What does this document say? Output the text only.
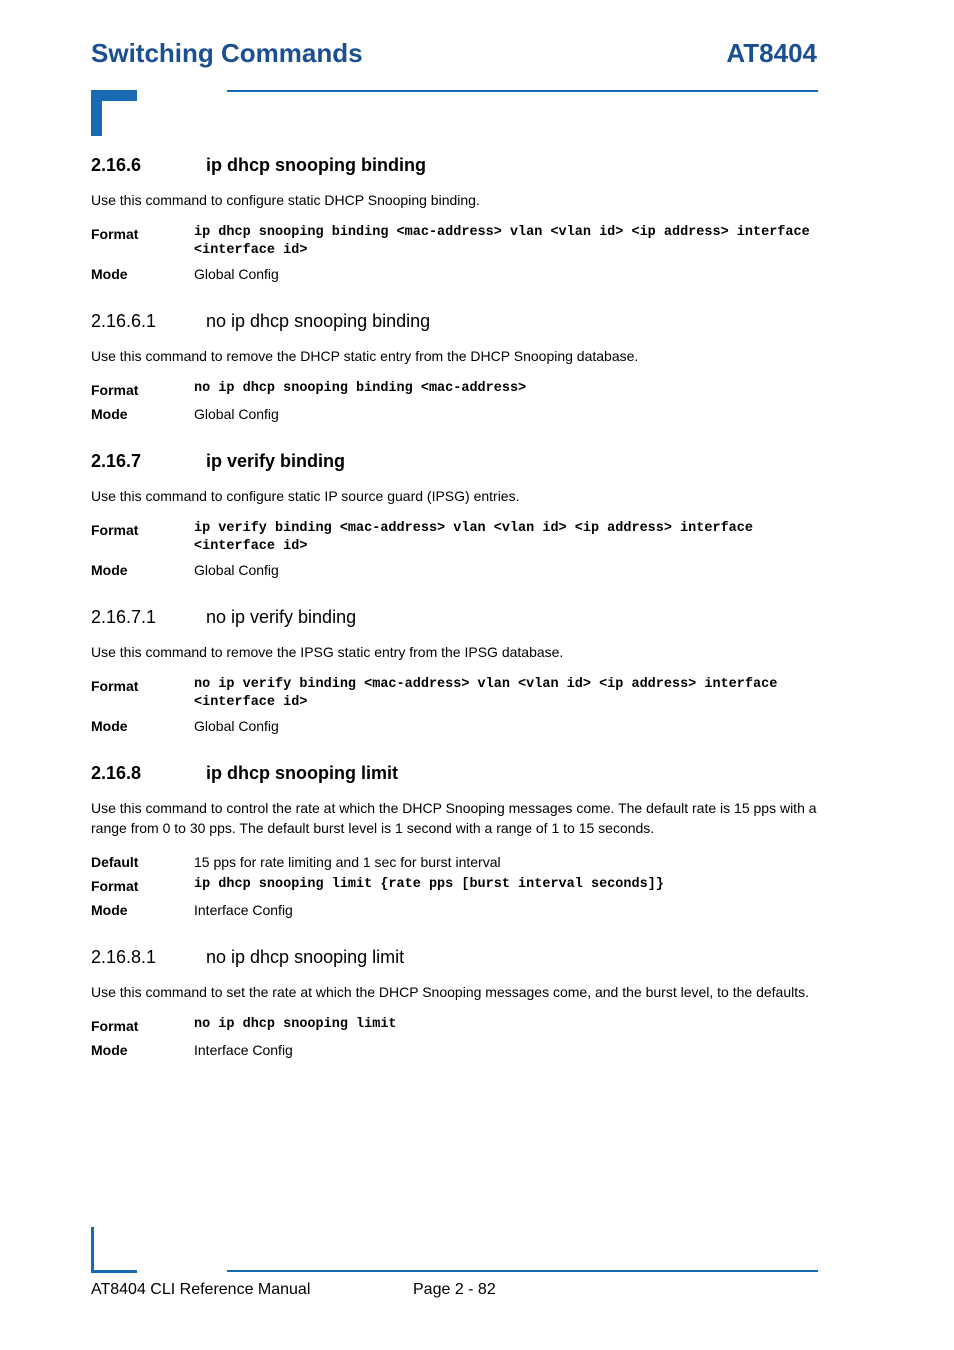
Switching Commands	AT8404
2.16.6	ip dhcp snooping binding
Use this command to configure static DHCP Snooping binding.
Format	ip dhcp snooping binding <mac-address> vlan <vlan id> <ip address> interface <interface id>
Mode	Global Config
2.16.6.1	no ip dhcp snooping binding
Use this command to remove the DHCP static entry from the DHCP Snooping database.
Format	no ip dhcp snooping binding <mac-address>
Mode	Global Config
2.16.7	ip verify binding
Use this command to configure static IP source guard (IPSG) entries.
Format	ip verify binding <mac-address> vlan <vlan id> <ip address> interface <interface id>
Mode	Global Config
2.16.7.1	no ip verify binding
Use this command to remove the IPSG static entry from the IPSG database.
Format	no ip verify binding <mac-address> vlan <vlan id> <ip address> interface <interface id>
Mode	Global Config
2.16.8	ip dhcp snooping limit
Use this command to control the rate at which the DHCP Snooping messages come. The default rate is 15 pps with a range from 0 to 30 pps. The default burst level is 1 second with a range of 1 to 15 seconds.
Default	15 pps for rate limiting and 1 sec for burst interval
Format	ip dhcp snooping limit {rate pps [burst interval seconds]}
Mode	Interface Config
2.16.8.1	no ip dhcp snooping limit
Use this command to set the rate at which the DHCP Snooping messages come, and the burst level, to the defaults.
Format	no ip dhcp snooping limit
Mode	Interface Config
AT8404 CLI Reference Manual	Page 2 - 82
